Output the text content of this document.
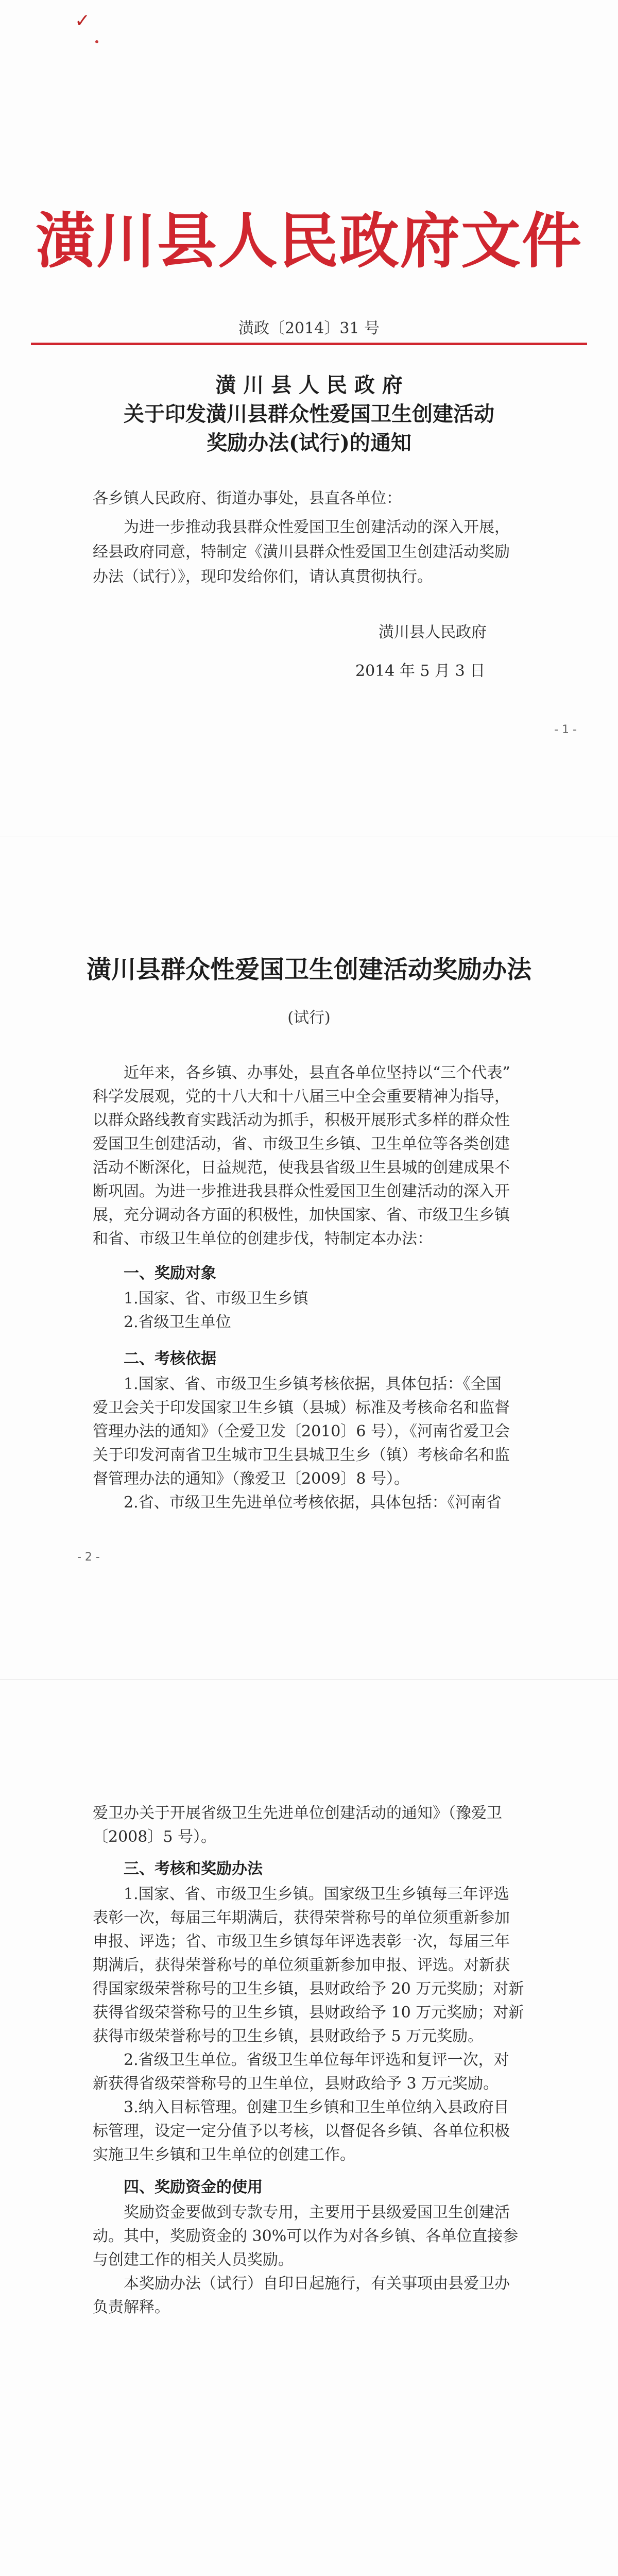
✓
潢川县人民政府文件
潢政〔2014〕31 号
潢 川 县 人 民 政 府
关于印发潢川县群众性爱国卫生创建活动
奖励办法(试行)的通知
各乡镇人民政府、街道办事处，县直各单位：
为进一步推动我县群众性爱国卫生创建活动的深入开展，
经县政府同意，特制定《潢川县群众性爱国卫生创建活动奖励
办法（试行）》，现印发给你们，请认真贯彻执行。
潢川县人民政府
2014 年 5 月 3 日
- 1 -
潢川县群众性爱国卫生创建活动奖励办法
(试行)
近年来，各乡镇、办事处，县直各单位坚持以“三个代表”
科学发展观，党的十八大和十八届三中全会重要精神为指导，
以群众路线教育实践活动为抓手，积极开展形式多样的群众性
爱国卫生创建活动，省、市级卫生乡镇、卫生单位等各类创建
活动不断深化，日益规范，使我县省级卫生县城的创建成果不
断巩固。为进一步推进我县群众性爱国卫生创建活动的深入开
展，充分调动各方面的积极性，加快国家、省、市级卫生乡镇
和省、市级卫生单位的创建步伐，特制定本办法：
一、奖励对象
1.国家、省、市级卫生乡镇
2.省级卫生单位
二、考核依据
1.国家、省、市级卫生乡镇考核依据，具体包括：《全国
爱卫会关于印发国家卫生乡镇（县城）标准及考核命名和监督
管理办法的通知》（全爱卫发〔2010〕6 号），《河南省爱卫会
关于印发河南省卫生城市卫生县城卫生乡（镇）考核命名和监
督管理办法的通知》（豫爱卫〔2009〕8 号）。
2.省、市级卫生先进单位考核依据，具体包括：《河南省
- 2 -
爱卫办关于开展省级卫生先进单位创建活动的通知》（豫爱卫
〔2008〕5 号）。
三、考核和奖励办法
1.国家、省、市级卫生乡镇。国家级卫生乡镇每三年评选
表彰一次，每届三年期满后，获得荣誉称号的单位须重新参加
申报、评选；省、市级卫生乡镇每年评选表彰一次，每届三年
期满后，获得荣誉称号的单位须重新参加申报、评选。对新获
得国家级荣誉称号的卫生乡镇，县财政给予 20 万元奖励；对新
获得省级荣誉称号的卫生乡镇，县财政给予 10 万元奖励；对新
获得市级荣誉称号的卫生乡镇，县财政给予 5 万元奖励。
2.省级卫生单位。省级卫生单位每年评选和复评一次，对
新获得省级荣誉称号的卫生单位，县财政给予 3 万元奖励。
3.纳入目标管理。创建卫生乡镇和卫生单位纳入县政府目
标管理，设定一定分值予以考核，以督促各乡镇、各单位积极
实施卫生乡镇和卫生单位的创建工作。
四、奖励资金的使用
奖励资金要做到专款专用，主要用于县级爱国卫生创建活
动。其中，奖励资金的 30%可以作为对各乡镇、各单位直接参
与创建工作的相关人员奖励。
本奖励办法（试行）自印日起施行，有关事项由县爱卫办
负责解释。
